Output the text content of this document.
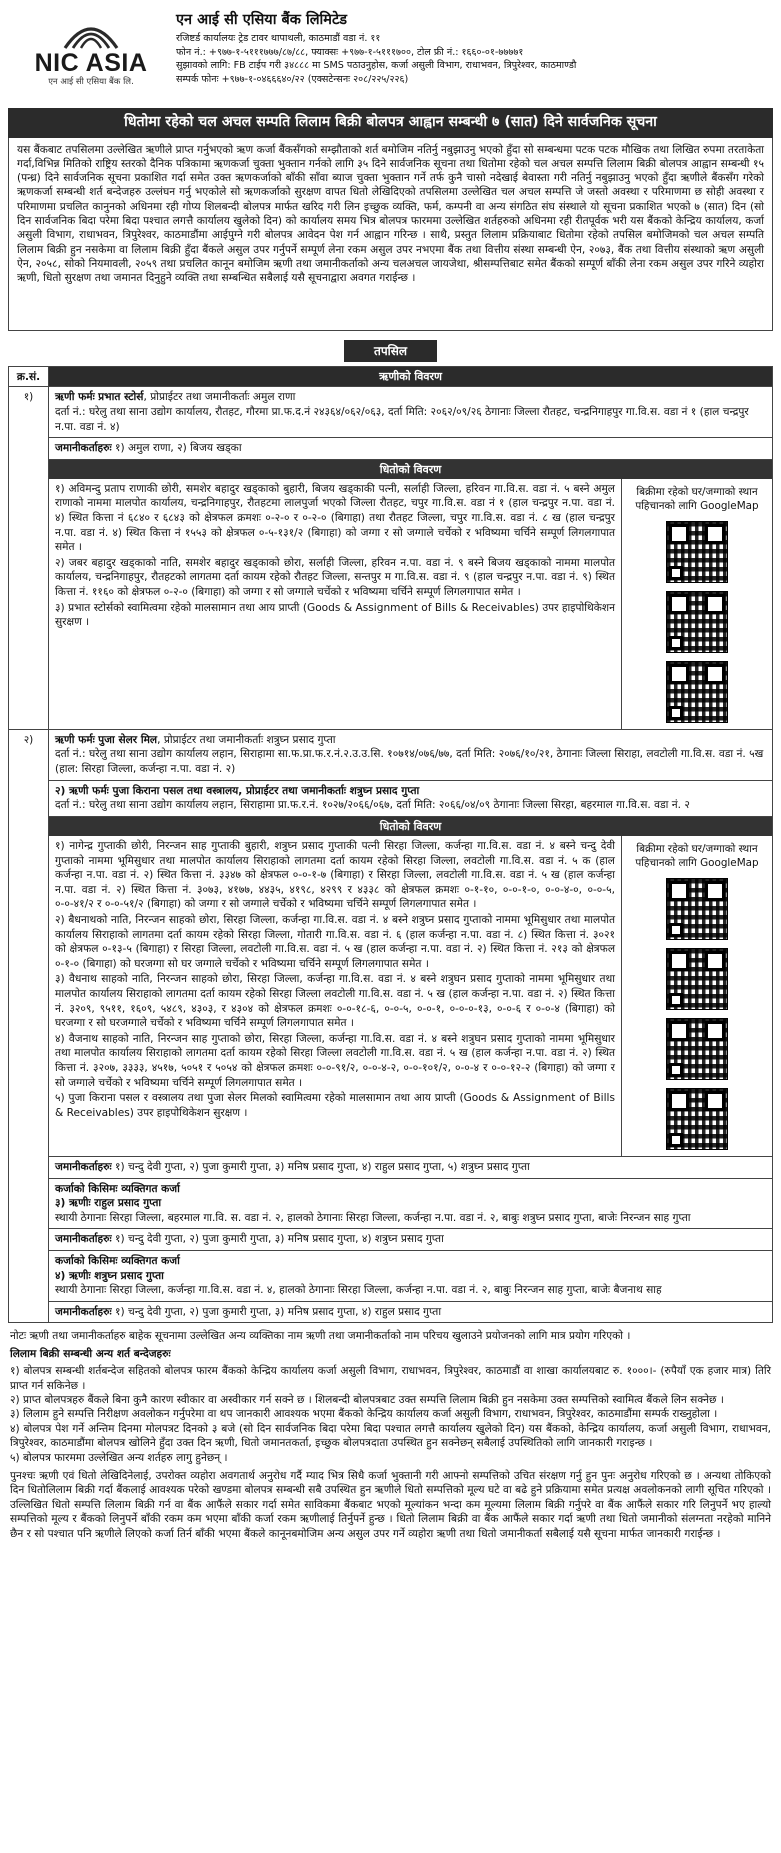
NIC ASIA
एन आई सी एसिया बैंक लि.
एन आई सी एसिया बैंक लिमिटेड
रजिष्टर्ड कार्यालयः ट्रेड टावर थापाथली, काठमाडौं वडा नं. ११
फोन नं.: +९७७-१-५१११७७७/८७/८८, फ्याक्सः +९७७-१-५१११७००, टोल फ्री नं.: १६६०-०१-७७७७१
सुझावको लागि: FB टाईप गरी ३४८८८ मा SMS पठाउनुहोस, कर्जा असुली विभाग, राधाभवन, त्रिपुरेश्वर, काठमाण्डौ
सम्पर्क फोनः +९७७-१-०४६६६४०/२२ (एक्सटेन्सनः २०८/२२५/२२६)
धितोमा रहेको चल अचल सम्पति लिलाम बिक्री बोलपत्र आह्वान सम्बन्धी ७ (सात) दिने सार्वजनिक सूचना
यस बैंकबाट तपसिलमा उल्लेखित ऋणीले प्राप्त गर्नुभएको ऋण कर्जा बैंकसँगको सम्झौताको शर्त बमोजिम नतिर्नु नबुझाउनु भएको हुँदा सो सम्बन्धमा पटक पटक मौखिक तथा लिखित रुपमा तरताकेता गर्दा,विभिन्न मितिको राष्ट्रिय स्तरको दैनिक पत्रिकामा ऋणकर्जा चुक्ता भुक्तान गर्नको लागि ३५ दिने सार्वजनिक सूचना तथा धितोमा रहेको चल अचल सम्पत्ति लिलाम बिक्री बोलपत्र आह्वान सम्बन्धी १५ (पन्ध्र) दिने सार्वजनिक सूचना प्रकाशित गर्दा समेत उक्त ऋणकर्जाको बाँकी साँवा ब्याज चुक्ता भुक्तान गर्ने तर्फ कुनै चासो नदेखाई बेवास्ता गरी नतिर्नु नबुझाउनु भएको हुँदा ऋणीले बैंकसँग गरेको ऋणकर्जा सम्बन्धी शर्त बन्देजहरु उल्लंघन गर्नु भएकोले सो ऋणकर्जाको सुरक्षण वापत धितो लेखिदिएको तपसिलमा उल्लेखित चल अचल सम्पत्ति जे जस्तो अवस्था र परिमाणमा छ सोही अवस्था र परिमाणमा प्रचलित कानुनको अधिनमा रही गोप्य शिलबन्दी बोलपत्र मार्फत खरिद गरी लिन इच्छुक व्यक्ति, फर्म, कम्पनी वा अन्य संगठित संघ संस्थाले यो सूचना प्रकाशित भएको ७ (सात) दिन (सो दिन सार्वजनिक बिदा परेमा बिदा पश्चात लगत्तै कार्यालय खुलेको दिन) को कार्यालय समय भित्र बोलपत्र फारममा उल्लेखित शर्तहरुको अधिनमा रही रीतपूर्वक भरी यस बैंकको केन्द्रिय कार्यालय, कर्जा असुली विभाग, राधाभवन, त्रिपुरेश्वर, काठमाडौंमा आईपुग्ने गरी बोलपत्र आवेदन पेश गर्न आह्वान गरिन्छ । साथै, प्रस्तुत लिलाम प्रक्रियाबाट धितोमा रहेको तपसिल बमोजिमको चल अचल सम्पति लिलाम बिक्री हुन नसकेमा वा लिलाम बिक्री हुँदा बैंकले असुल उपर गर्नुपर्ने सम्पूर्ण लेना रकम असुल उपर नभएमा बैंक तथा वित्तीय संस्था सम्बन्धी ऐन, २०७३, बैंक तथा वित्तीय संस्थाको ऋण असुली ऐन, २०५८, सोको नियमावली, २०५९ तथा प्रचलित कानून बमोजिम ऋणी तथा जमानीकर्ताको अन्य चलअचल जायजेथा, श्रीसम्पत्तिबाट समेत बैंकको सम्पूर्ण बाँकी लेना रकम असुल उपर गरिने व्यहोरा ऋणी, धितो सुरक्षण तथा जमानत दिनुहुने व्यक्ति तथा सम्बन्धित सबैलाई यसै सूचनाद्वारा अवगत गराईन्छ ।
तपसिल
क्र.सं.	ऋणीको विवरण
१)	ऋणी फर्मः प्रभात स्टोर्स, प्रोप्राईटर तथा जमानीकर्ताः अमुल राणा
दर्ता नं.: घरेलु तथा साना उद्योग कार्यालय, रौतहट, गौरमा प्रा.फ.द.नं २४३६४/०६२/०६३, दर्ता मिति: २०६२/०९/२६ ठेगानाः जिल्ला रौतहट, चन्द्रनिगाहपुर गा.वि.स. वडा नं १ (हाल चन्द्रपुर न.पा. वडा नं. ४)
जमानीकर्ताहरुः १) अमुल राणा, २) बिजय खड्का
धितोको विवरण
१) अविमन्दु प्रताप राणाकी छोरी, समशेर बहादुर खड्काको बुहारी, बिजय खड्काकी पत्नी, सर्लाही जिल्ला, हरिवन गा.वि.स. वडा नं. ५ बस्ने अमुल राणाको नाममा मालपोत कार्यालय, चन्द्रनिगाहपुर, रौतहटमा लालपुर्जा भएको जिल्ला रौतहट, चपुर गा.वि.स. वडा नं १ (हाल चन्द्रपुर न.पा. वडा नं. ४) स्थित कित्ता नं ६८४० र ६८४३ को क्षेत्रफल क्रमशः ०-२-० र ०-२-० (बिगाहा) तथा रौतहट जिल्ला, चपुर गा.वि.स. वडा नं. ८ ख (हाल चन्द्रपुर न.पा. वडा नं. ४) स्थित कित्ता नं १५५३ को क्षेत्रफल ०-५-१३१/२ (बिगाहा) को जग्गा र सो जग्गाले चर्चेको र भविष्यमा चर्चिने सम्पूर्ण लिगलगापात समेत ।
२) जबर बहादुर खड्काको नाति, समशेर बहादुर खड्काको छोरा, सर्लाही जिल्ला, हरिवन न.पा. वडा नं. ९ बस्ने बिजय खड्काको नाममा मालपोत कार्यालय, चन्द्रनिगाहपुर, रौतहटको लागतमा दर्ता कायम रहेको रौतहट जिल्ला, सन्तपुर म गा.वि.स. वडा नं. ९ (हाल चन्द्रपुर न.पा. वडा नं. ९) स्थित कित्ता नं. ११६० को क्षेत्रफल ०-२-० (बिगाहा) को जग्गा र सो जग्गाले चर्चेको र भविष्यमा चर्चिने सम्पूर्ण लिगलगापात समेत ।
३) प्रभात स्टोर्सको स्वामित्वमा रहेको मालसामान तथा आय प्राप्ती (Goods & Assignment of Bills & Receivables) उपर हाइपोथिकेशन सुरक्षण ।
बिक्रीमा रहेको घर/जग्गाको स्थान पहिचानको लागि GoogleMap
२)	ऋणी फर्मः पुजा सेलर मिल, प्रोप्राईटर तथा जमानीकर्ताः शत्रुघ्न प्रसाद गुप्ता
दर्ता नं.: घरेलु तथा साना उद्योग कार्यालय लहान, सिराहामा सा.फ.प्रा.फ.र.नं.२.उ.उ.सि. १०७१४/०७६/७७, दर्ता मिति: २०७६/१०/२१, ठेगानाः जिल्ला सिराहा, लवटोली गा.वि.स. वडा नं. ५ख (हाल: सिरहा जिल्ला, कर्जन्हा न.पा. वडा नं. २)
२) ऋणी फर्मः पुजा किराना पसल तथा वस्त्रालय, प्रोप्राईटर तथा जमानीकर्ताः शत्रुघ्न प्रसाद गुप्ता
दर्ता नं.: घरेलु तथा साना उद्योग कार्यालय लहान, सिराहामा प्रा.फ.र.नं. १०२७/२०६६/०६७, दर्ता मिति: २०६६/०४/०९ ठेगानाः जिल्ला सिरहा, बहरमाल गा.वि.स. वडा नं. २
धितोको विवरण
१) नागेन्द्र गुप्ताकी छोरी, निरन्जन साह गुप्ताकी बुहारी, शत्रुघ्न प्रसाद गुप्ताकी पत्नी सिरहा जिल्ला, कर्जन्हा गा.वि.स. वडा नं. ४ बस्ने चन्दु देवी गुप्ताको नाममा भूमिसुधार तथा मालपोत कार्यालय सिराहाको लागतमा दर्ता कायम रहेको सिरहा जिल्ला, लवटोली गा.वि.स. वडा नं. ५ क (हाल कर्जन्हा न.पा. वडा नं. २) स्थित कित्ता नं. ३३४७ को क्षेत्रफल ०-०-१-७ (बिगाहा) र सिरहा जिल्ला, लवटोली गा.वि.स. वडा नं. ५ ख (हाल कर्जन्हा न.पा. वडा नं. २) स्थित कित्ता नं. ३०७३, ४१७७, ४४३५, ४१९८, ४२९९ र ४३३८ को क्षेत्रफल क्रमशः ०-१-१०, ०-०-१-०, ०-०-४-०, ०-०-५, ०-०-४१/२ र ०-०-५१/२ (बिगाहा) को जग्गा र सो जग्गाले चर्चेको र भविष्यमा चर्चिने सम्पूर्ण लिगलगापात समेत ।
२) बैधनाथको नाति, निरन्जन साहको छोरा, सिरहा जिल्ला, कर्जन्हा गा.वि.स. वडा नं. ४ बस्ने शत्रुघ्न प्रसाद गुप्ताको नाममा भूमिसुधार तथा मालपोत कार्यालय सिराहाको लागतमा दर्ता कायम रहेको सिरहा जिल्ला, गोतारी गा.वि.स. वडा नं. ६ (हाल कर्जन्हा न.पा. वडा नं. ८) स्थित कित्ता नं. ३०२१ को क्षेत्रफल ०-१३-५ (बिगाहा) र सिरहा जिल्ला, लवटोली गा.वि.स. वडा नं. ५ ख (हाल कर्जन्हा न.पा. वडा नं. २) स्थित कित्ता नं. २१३ को क्षेत्रफल ०-१-० (बिगाहा) को घरजग्गा सो घर जग्गाले चर्चेको र भविष्यमा चर्चिने सम्पूर्ण लिगलगापात समेत ।
३) वैधनाथ साहको नाति, निरन्जन साहको छोरा, सिरहा जिल्ला, कर्जन्हा गा.वि.स. वडा नं. ४ बस्ने शत्रुघन प्रसाद गुप्ताको नाममा भूमिसुधार तथा मालपोत कार्यालय सिराहाको लागतमा दर्ता कायम रहेको सिरहा जिल्ला लवटोली गा.वि.स. वडा नं. ५ ख (हाल कर्जन्हा न.पा. वडा नं. २) स्थित कित्ता नं. ३२०९, ९५११, १६०९, ५४८९, ४३०३, र ४३०४ को क्षेत्रफल क्रमशः ०-०-१८-६, ०-०-५, ०-०-१, ०-०-०-१३, ०-०-६ र ०-०-४ (बिगाहा) को घरजग्गा र सो घरजग्गाले चर्चेको र भविष्यमा चर्चिने सम्पूर्ण लिगलगापात समेत ।
४) वैजनाथ साहको नाति, निरन्जन साह गुप्ताको छोरा, सिरहा जिल्ला, कर्जन्हा गा.वि.स. वडा नं. ४ बस्ने शत्रुघन प्रसाद गुप्ताको नाममा भूमिसुधार तथा मालपोत कार्यालय सिराहाको लागतमा दर्ता कायम रहेको सिरहा जिल्ला लवटोली गा.वि.स. वडा नं. ५ ख (हाल कर्जन्हा न.पा. वडा नं. २) स्थित कित्ता नं. ३२०७, ३३३३, ४५१७, ५०५१ र ५०५४ को क्षेत्रफल क्रमशः ०-०-९१/२, ०-०-४-२, ०-०-१०१/२, ०-०-४ र ०-०-१२-२ (बिगाहा) को जग्गा र सो जग्गाले चर्चेको र भविष्यमा चर्चिने सम्पूर्ण लिगलगापात समेत ।
५) पुजा किराना पसल र वस्त्रालय तथा पुजा सेलर मिलको स्वामित्वमा रहेको मालसामान तथा आय प्राप्ती (Goods & Assignment of Bills & Receivables) उपर हाइपोथिकेशन सुरक्षण ।
बिक्रीमा रहेको घर/जग्गाको स्थान पहिचानको लागि GoogleMap
जमानीकर्ताहरुः १) चन्दु देवी गुप्ता, २) पुजा कुमारी गुप्ता, ३) मनिष प्रसाद गुप्ता, ४) राहुल प्रसाद गुप्ता, ५) शत्रुघ्न प्रसाद गुप्ता
कर्जाको किसिमः व्यक्तिगत कर्जा
३) ऋणीः राहुल प्रसाद गुप्ता
स्थायी ठेगानाः सिरहा जिल्ला, बहरमाल गा.वि. स. वडा नं. २, हालको ठेगानाः सिरहा जिल्ला, कर्जन्हा न.पा. वडा नं. २, बाबुः शत्रुघ्न प्रसाद गुप्ता, बाजेः निरन्जन साह गुप्ता
जमानीकर्ताहरुः १) चन्दु देवी गुप्ता, २) पुजा कुमारी गुप्ता, ३) मनिष प्रसाद गुप्ता, ४) शत्रुघ्न प्रसाद गुप्ता
कर्जाको किसिमः व्यक्तिगत कर्जा
४) ऋणीः शत्रुघ्न प्रसाद गुप्ता
स्थायी ठेगानाः सिरहा जिल्ला, कर्जन्हा गा.वि.स. वडा नं. ४, हालको ठेगानाः सिरहा जिल्ला, कर्जन्हा न.पा. वडा नं. २, बाबुः निरन्जन साह गुप्ता, बाजेः बैजनाथ साह
जमानीकर्ताहरुः १) चन्दु देवी गुप्ता, २) पुजा कुमारी गुप्ता, ३) मनिष प्रसाद गुप्ता, ४) राहुल प्रसाद गुप्ता

नोटः ऋणी तथा जमानीकर्ताहरु बाहेक सूचनामा उल्लेखित अन्य व्यक्तिका नाम ऋणी तथा जमानीकर्ताको नाम परिचय खुलाउने प्रयोजनको लागि मात्र प्रयोग गरिएको ।

लिलाम बिक्री सम्बन्धी अन्य शर्त बन्देजहरुः

१) बोलपत्र सम्बन्धी शर्तबन्देज सहितको बोलपत्र फारम बैंकको केन्द्रिय कार्यालय कर्जा असुली विभाग, राधाभवन, त्रिपुरेश्वर, काठमाडौं वा शाखा कार्यालयबाट रु. १०००।- (रुपैयाँ एक हजार मात्र) तिरि प्राप्त गर्न सकिनेछ ।
२) प्राप्त बोलपत्रहरु बैंकले बिना कुनै कारण स्वीकार वा अस्वीकार गर्न सक्ने छ । शिलबन्दी बोलपत्रबाट उक्त सम्पत्ति लिलाम बिक्री हुन नसकेमा उक्त सम्पत्तिको स्वामित्व बैंकले लिन सक्नेछ ।
३) लिलाम हुने सम्पत्ति निरीक्षण अवलोकन गर्नुपरेमा वा थप जानकारी आवश्यक भएमा बैंकको केन्द्रिय कार्यालय कर्जा असुली विभाग, राधाभवन, त्रिपुरेश्वर, काठमाडौंमा सम्पर्क राख्नुहोला ।
४) बोलपत्र पेश गर्ने अन्तिम दिनमा मोलपत्रट दिनको ३ बजे (सो दिन सार्वजनिक बिदा परेमा बिदा पश्चात लगत्तै कार्यालय खुलेको दिन) यस बैंकको, केन्द्रिय कार्यालय, कर्जा असुली विभाग, राधाभवन, त्रिपुरेश्वर, काठमाडौंमा बोलपत्र खोलिने हुँदा उक्त दिन ऋणी, धितो जमानतकर्ता, इच्छुक बोलपत्रदाता उपस्थित हुन सक्नेछन् सबैलाई उपस्थितिको लागि जानकारी गराइन्छ ।
५) बोलपत्र फारममा उल्लेखित अन्य शर्तहरु लागु हुनेछन् ।

पुनश्चः ऋणी एवं धितो लेखिदिनेलाई, उपरोक्त व्यहोरा अवगतार्थ अनुरोध गर्दै म्याद भित्र सिधै कर्जा भुक्तानी गरी आफ्नो सम्पत्तिको उचित संरक्षण गर्नु हुन पुनः अनुरोध गरिएको छ । अन्यथा तोकिएको दिन धितोलिलाम बिक्री गर्दा बैंकलाई आवश्यक परेको खण्डमा बोलपत्र सम्बन्धी सबै उपस्थित हुन ऋणीले धितो सम्पत्तिको मूल्य घटे वा बढे हुने प्रक्रियामा समेत प्रत्यक्ष अवलोकनको लागी सूचित गरिएको । उल्लिखित धितो सम्पत्ति लिलाम बिक्री गर्न वा बैंक आफैंले सकार गर्दा समेत साविकमा बैंकबाट भएको मूल्यांकन भन्दा कम मूल्यमा लिलाम बिक्री गर्नुपरे वा बैंक आफैंले सकार गरि लिनुपर्ने भए हाल्यो सम्पत्तिको मूल्य र बैंकको लिनुपर्ने बाँकी रकम कम भएमा बाँकी कर्जा रकम ऋणीलाई तिर्नुपर्ने हुन्छ । धितो लिलाम बिक्री वा बैंक आफैंले सकार गर्दा ऋणी तथा धितो जमानीको संलग्नता नरहेको मानिने छैन र सो पश्चात पनि ऋणीले लिएको कर्जा तिर्न बाँकी भएमा बैंकले कानूनबमोजिम अन्य असुल उपर गर्ने व्यहोरा ऋणी तथा धितो जमानीकर्ता सबैलाई यसै सूचना मार्फत जानकारी गराईन्छ ।
